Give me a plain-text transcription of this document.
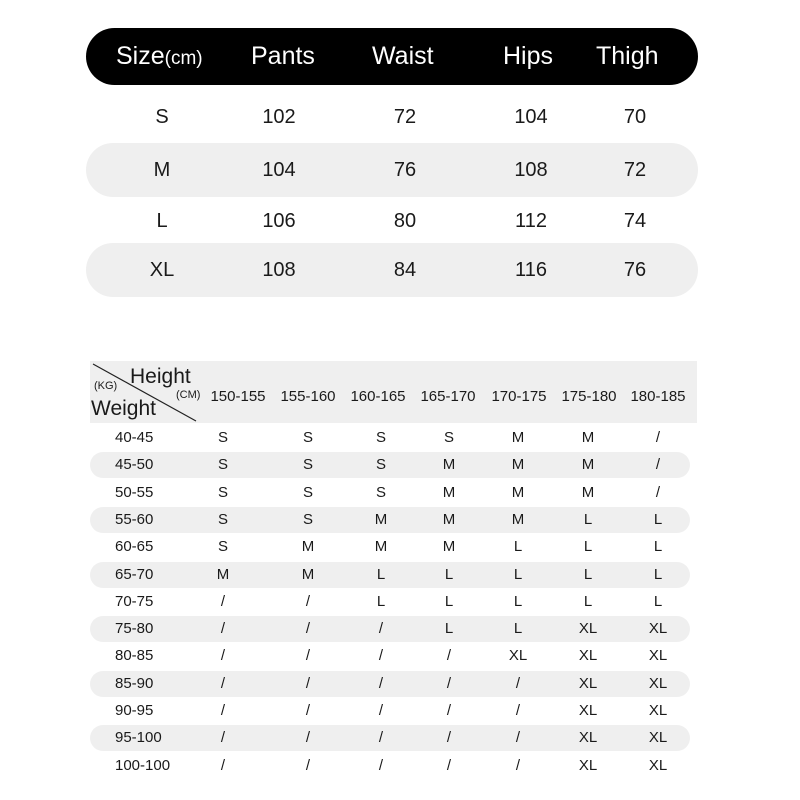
Size(cm) Pants Waist	Hips Thigh
S	102	72	104	70
M	104	76	108	72
L	106	80	112	74
XL	108	84	116	76
Height
(CM)
(KG)
Weight
150-155 155-160 160-165 165-170 170-175 175-180 180-185
40-45	S	S	S	S	M	M	/
45-50	S	S	S	M	M	M	/
50-55	S	S	S	M	M	M	/
55-60	S	S	M	M	M	L	L
60-65	S	M	M	M	L	L	L
65-70	M	M	L	L	L	L	L
70-75	/	/	L	L	L	L	L
75-80	/	/	/	L	L	XL	XL
80-85	/	/	/	/	XL	XL	XL
85-90	/	/	/	/	/	XL	XL
90-95	/	/	/	/	/	XL	XL
95-100	/	/	/	/	/	XL	XL
100-100	/	/	/	/	/	XL	XL
